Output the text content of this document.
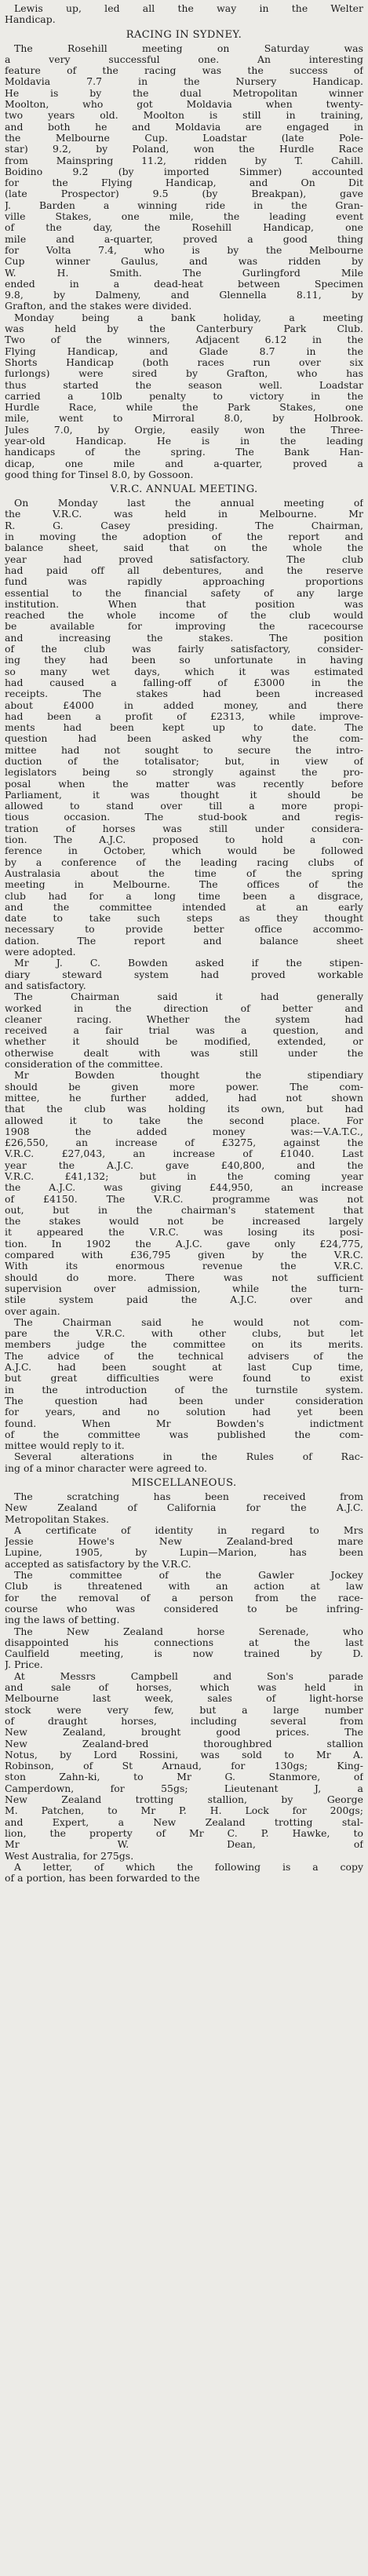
Lewis up, led all the way in the Welter
Handicap.
RACING IN SYDNEY.
The Rosehill meeting on Saturday was
a very successful one. An interesting
feature of the racing was the success of
Moldavia 7.7 in the Nursery Handicap.
He is by the dual Metropolitan winner
Moolton, who got Moldavia when twenty-
two years old. Moolton is still in training,
and both he and Moldavia are engaged in
the Melbourne Cup. Loadstar (late Pole-
star) 9.2, by Poland, won the Hurdle Race
from Mainspring 11.2, ridden by T. Cahill.
Boidino 9.2 (by imported Simmer) accounted
for the Flying Handicap, and On Dit
(late Prospector) 9.5 (by Breakpan), gave
J. Barden a winning ride in the Gran-
ville Stakes, one mile, the leading event
of the day, the Rosehill Handicap, one
mile and a-quarter, proved a good thing
for Volta 7.4, who is by the Melbourne
Cup winner Gaulus, and was ridden by
W. H. Smith. The Gurlingford Mile
ended in a dead-heat between Specimen
9.8, by Dalmeny, and Glennella 8.11, by
Grafton, and the stakes were divided.
Monday being a bank holiday, a meeting
was held by the Canterbury Park Club.
Two of the winners, Adjacent 6.12 in the
Flying Handicap, and Glade 8.7 in the
Shorts Handicap (both races run over six
furlongs) were sired by Grafton, who has
thus started the season well. Loadstar
carried a 10lb penalty to victory in the
Hurdle Race, while the Park Stakes, one
mile, went to Mirroral 8.0, by Holbrook.
Jules 7.0, by Orgie, easily won the Three-
year-old Handicap. He is in the leading
handicaps of the spring. The Bank Han-
dicap, one mile and a-quarter, proved a
good thing for Tinsel 8.0, by Gossoon.
V.R.C. ANNUAL MEETING.
On Monday last the annual meeting of
the V.R.C. was held in Melbourne. Mr
R. G. Casey presiding. The Chairman,
in moving the adoption of the report and
balance sheet, said that on the whole the
year had proved satisfactory. The club
had paid off all debentures, and the reserve
fund was rapidly approaching proportions
essential to the financial safety of any large
institution. When that position was
reached the whole income of the club would
be available for improving the racecourse
and increasing the stakes. The position
of the club was fairly satisfactory, consider-
ing they had been so unfortunate in having
so many wet days, which it was estimated
had caused a falling-off of £3000 in the
receipts. The stakes had been increased
about £4000 in added money, and there
had been a profit of £2313, while improve-
ments had been kept up to date. The
question had been asked why the com-
mittee had not sought to secure the intro-
duction of the totalisator; but, in view of
legislators being so strongly against the pro-
posal when the matter was recently before
Parliament, it was thought it should be
allowed to stand over till a more propi-
tious occasion. The stud-book and regis-
tration of horses was still under considera-
tion. The A.J.C. proposed to hold a con-
ference in October, which would be followed
by a conference of the leading racing clubs of
Australasia about the time of the spring
meeting in Melbourne. The offices of the
club had for a long time been a disgrace,
and the committee intended at an early
date to take such steps as they thought
necessary to provide better office accommo-
dation. The report and balance sheet
were adopted.
Mr J. C. Bowden asked if the stipen-
diary steward system had proved workable
and satisfactory.
The Chairman said it had generally
worked in the direction of better and
cleaner racing. Whether the system had
received a fair trial was a question, and
whether it should be modified, extended, or
otherwise dealt with was still under the
consideration of the committee.
Mr Bowden thought the stipendiary
should be given more power. The com-
mittee, he further added, had not shown
that the club was holding its own, but had
allowed it to take the second place. For
1908 the added money was:—V.A.T.C.,
£26,550, an increase of £3275, against the
V.R.C. £27,043, an increase of £1040. Last
year the A.J.C. gave £40,800, and the
V.R.C. £41,132; but in the coming year
the A.J.C. was giving £44,950, an increase
of £4150. The V.R.C. programme was not
out, but in the chairman's statement that
the stakes would not be increased largely
it appeared the V.R.C. was losing its posi-
tion. In 1902 the A.J.C. gave only £24,775,
compared with £36,795 given by the V.R.C.
With its enormous revenue the V.R.C.
should do more. There was not sufficient
supervision over admission, while the turn-
stile system paid the A.J.C. over and
over again.
The Chairman said he would not com-
pare the V.R.C. with other clubs, but let
members judge the committee on its merits.
The advice of the technical advisers of the
A.J.C. had been sought at last Cup time,
but great difficulties were found to exist
in the introduction of the turnstile system.
The question had been under consideration
for years, and no solution had yet been
found. When Mr Bowden's indictment
of the committee was published the com-
mittee would reply to it.
Several alterations in the Rules of Rac-
ing of a minor character were agreed to.
MISCELLANEOUS.
The scratching has been received from
New Zealand of California for the A.J.C.
Metropolitan Stakes.
A certificate of identity in regard to Mrs
Jessie Howe's New Zealand-bred mare
Lupine, 1905, by Lupin—Marion, has been
accepted as satisfactory by the V.R.C.
The committee of the Gawler Jockey
Club is threatened with an action at law
for the removal of a person from the race-
course who was considered to be infring-
ing the laws of betting.
The New Zealand horse Serenade, who
disappointed his connections at the last
Caulfield meeting, is now trained by D.
J. Price.
At Messrs Campbell and Son's parade
and sale of horses, which was held in
Melbourne last week, sales of light-horse
stock were very few, but a large number
of draught horses, including several from
New Zealand, brought good prices. The
New Zealand-bred thoroughbred stallion
Notus, by Lord Rossini, was sold to Mr A.
Robinson, of St Arnaud, for 130gs; King-
ston Zahn-ki, to Mr G. Stanmore, of
Camperdown, for 55gs; Lieutenant J, a
New Zealand trotting stallion, by George
M. Patchen, to Mr P. H. Lock for 200gs;
and Expert, a New Zealand trotting stal-
lion, the property of Mr C. P. Hawke, to
Mr W. Dean, of
West Australia, for 275gs.
A letter, of which the following is a copy
of a portion, has been forwarded to the
